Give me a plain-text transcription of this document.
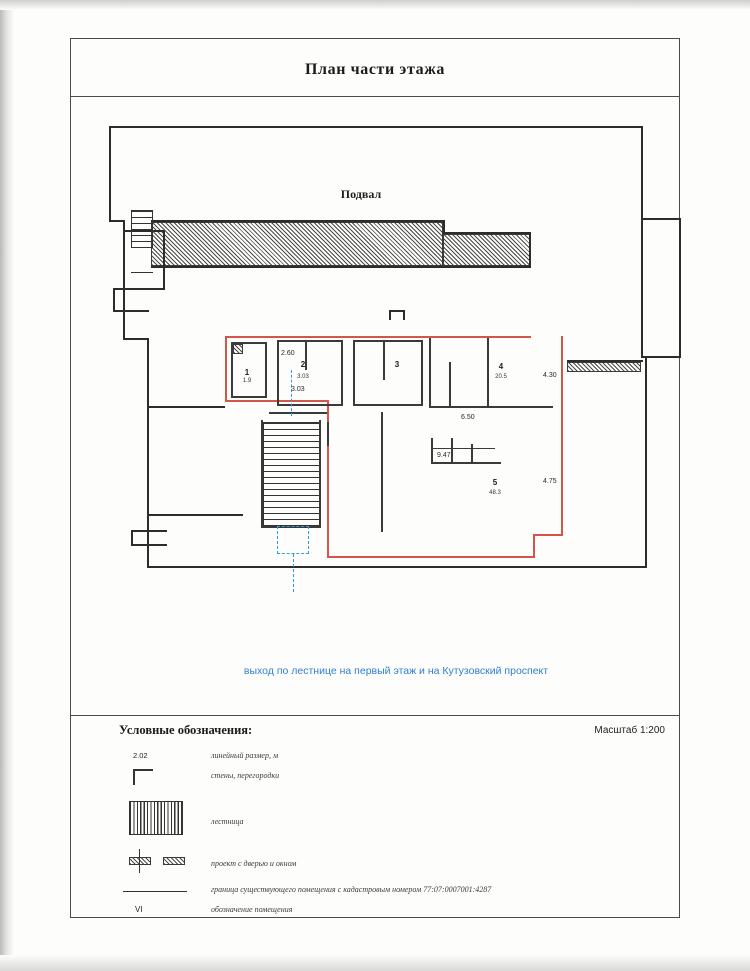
План части этажа
Подвал
1
1.9
2
3.03
3	4
20.5
5
48.3
2.60
3.03
4.30
6.50
9.47
4.75
выход по лестнице на первый этаж и на Кутузовский проспект
Условные обозначения:	Масштаб 1:200
2.02	линейный размер, м
стены, перегородки
лестница
проект с дверью и окном
граница существующего помещения с кадастровым номером 77:07:0007001:4287
VI	обозначение помещения
